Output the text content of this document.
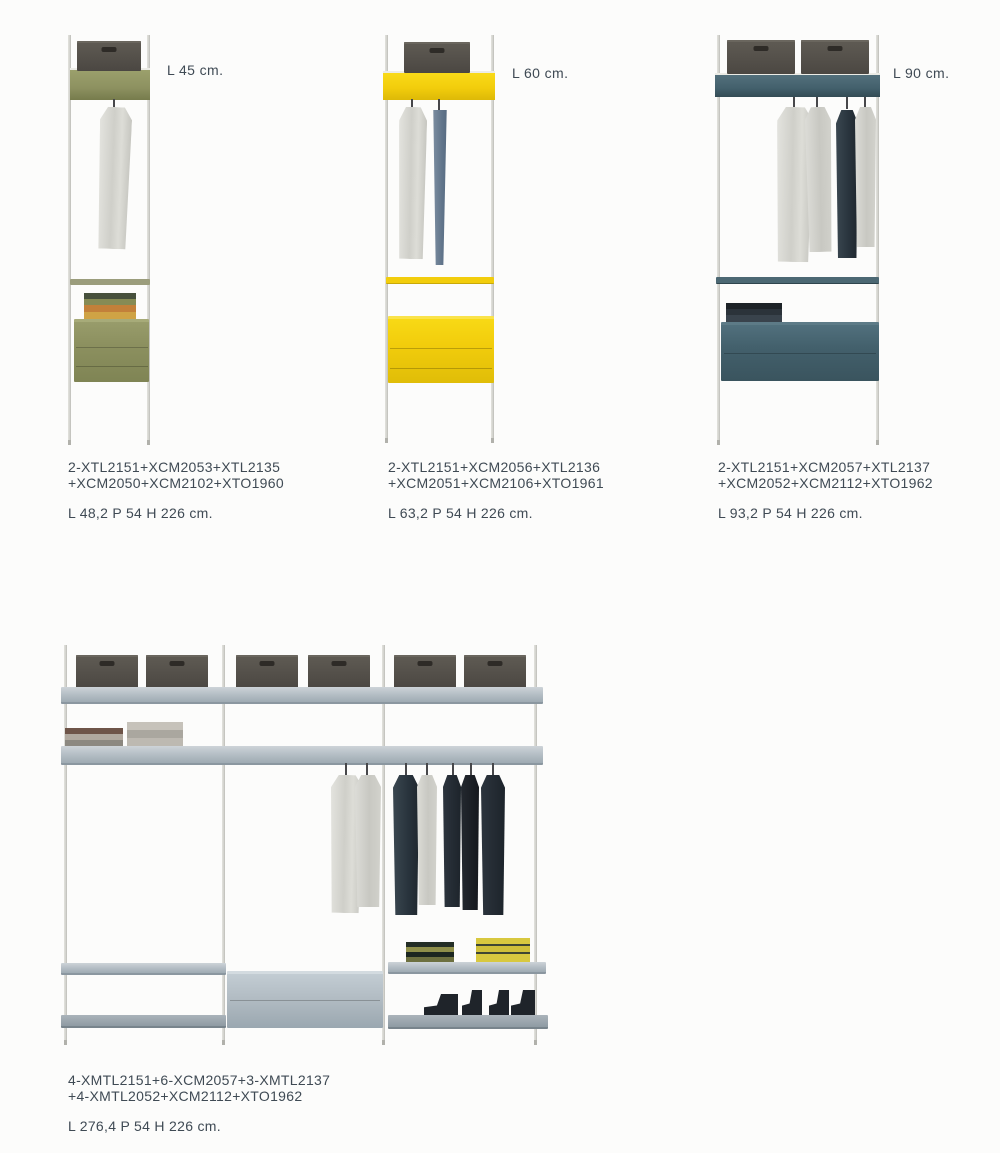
L 45 cm.	L 60 cm.	L 90 cm.
2-XTL2151+XCM2053+XTL2135
+XCM2050+XCM2102+XTO1960
L 48,2 P 54 H 226 cm.
2-XTL2151+XCM2056+XTL2136
+XCM2051+XCM2106+XTO1961
L 63,2 P 54 H 226 cm.
2-XTL2151+XCM2057+XTL2137
+XCM2052+XCM2112+XTO1962
L 93,2 P 54 H 226 cm.
4-XMTL2151+6-XCM2057+3-XMTL2137
+4-XMTL2052+XCM2112+XTO1962
L 276,4 P 54 H 226 cm.
